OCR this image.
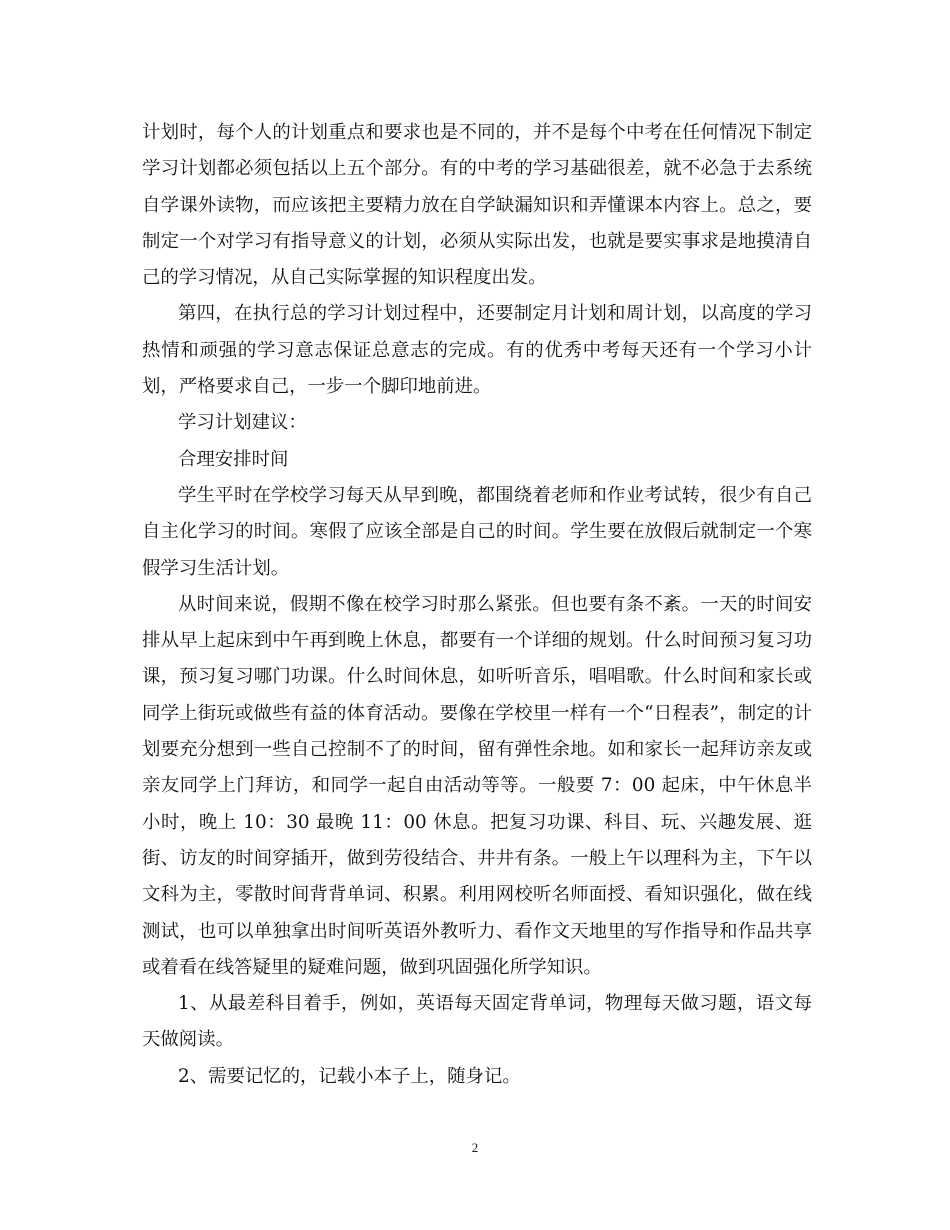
计划时，每个人的计划重点和要求也是不同的，并不是每个中考在任何情况下制定学习计划都必须包括以上五个部分。有的中考的学习基础很差，就不必急于去系统自学课外读物，而应该把主要精力放在自学缺漏知识和弄懂课本内容上。总之，要制定一个对学习有指导意义的计划，必须从实际出发，也就是要实事求是地摸清自己的学习情况，从自己实际掌握的知识程度出发。

第四，在执行总的学习计划过程中，还要制定月计划和周计划，以高度的学习热情和顽强的学习意志保证总意志的完成。有的优秀中考每天还有一个学习小计划，严格要求自己，一步一个脚印地前进。

学习计划建议：

合理安排时间

学生平时在学校学习每天从早到晚，都围绕着老师和作业考试转，很少有自己自主化学习的时间。寒假了应该全部是自己的时间。学生要在放假后就制定一个寒假学习生活计划。

从时间来说，假期不像在校学习时那么紧张。但也要有条不紊。一天的时间安排从早上起床到中午再到晚上休息，都要有一个详细的规划。什么时间预习复习功课，预习复习哪门功课。什么时间休息，如听听音乐，唱唱歌。什么时间和家长或同学上街玩或做些有益的体育活动。要像在学校里一样有一个“日程表”，制定的计划要充分想到一些自己控制不了的时间，留有弹性余地。如和家长一起拜访亲友或亲友同学上门拜访，和同学一起自由活动等等。一般要 7：00 起床，中午休息半小时，晚上 10：30 最晚 11：00 休息。把复习功课、科目、玩、兴趣发展、逛街、访友的时间穿插开，做到劳役结合、井井有条。一般上午以理科为主，下午以文科为主，零散时间背背单词、积累。利用网校听名师面授、看知识强化，做在线测试，也可以单独拿出时间听英语外教听力、看作文天地里的写作指导和作品共享或着看在线答疑里的疑难问题，做到巩固强化所学知识。

1、从最差科目着手，例如，英语每天固定背单词，物理每天做习题，语文每天做阅读。

2、需要记忆的，记载小本子上，随身记。

2
